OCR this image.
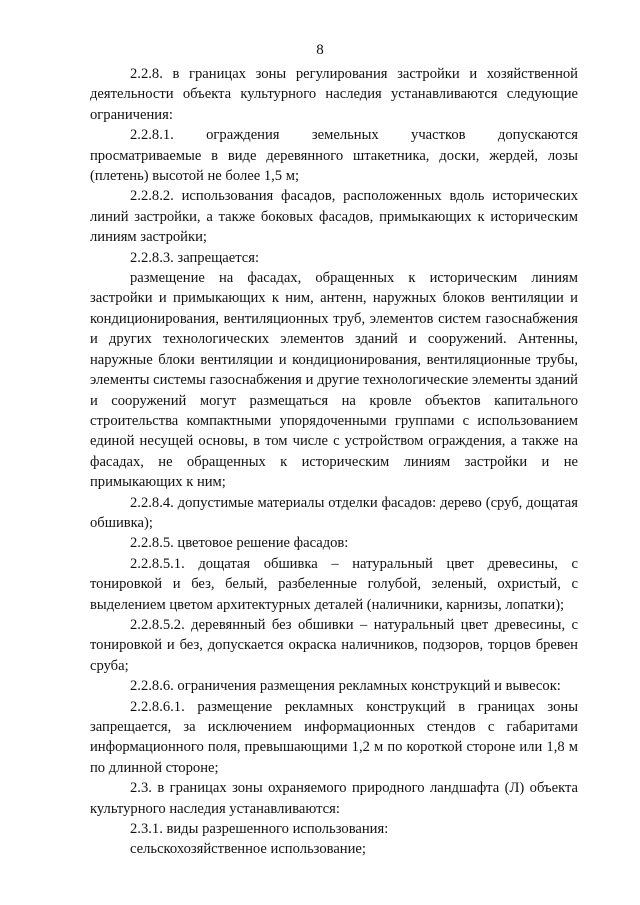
8

2.2.8. в границах зоны регулирования застройки и хозяйственной деятельности объекта культурного наследия устанавливаются следующие ограничения:

2.2.8.1. ограждения земельных участков допускаются просматриваемые в виде деревянного штакетника, доски, жердей, лозы (плетень) высотой не более 1,5 м;

2.2.8.2. использования фасадов, расположенных вдоль исторических линий застройки, а также боковых фасадов, примыкающих к историческим линиям застройки;

2.2.8.3. запрещается:

размещение на фасадах, обращенных к историческим линиям застройки и примыкающих к ним, антенн, наружных блоков вентиляции и кондиционирования, вентиляционных труб, элементов систем газоснабжения и других технологических элементов зданий и сооружений. Антенны, наружные блоки вентиляции и кондиционирования, вентиляционные трубы, элементы системы газоснабжения и другие технологические элементы зданий и сооружений могут размещаться на кровле объектов капитального строительства компактными упорядоченными группами с использованием единой несущей основы, в том числе с устройством ограждения, а также на фасадах, не обращенных к историческим линиям застройки и не примыкающих к ним;

2.2.8.4. допустимые материалы отделки фасадов: дерево (сруб, дощатая обшивка);

2.2.8.5. цветовое решение фасадов:

2.2.8.5.1. дощатая обшивка – натуральный цвет древесины, с тонировкой и без, белый, разбеленные голубой, зеленый, охристый, с выделением цветом архитектурных деталей (наличники, карнизы, лопатки);

2.2.8.5.2. деревянный без обшивки – натуральный цвет древесины, с тонировкой и без, допускается окраска наличников, подзоров, торцов бревен сруба;

2.2.8.6. ограничения размещения рекламных конструкций и вывесок:

2.2.8.6.1. размещение рекламных конструкций в границах зоны запрещается, за исключением информационных стендов с габаритами информационного поля, превышающими 1,2 м по короткой стороне или 1,8 м по длинной стороне;

2.3. в границах зоны охраняемого природного ландшафта (Л) объекта культурного наследия устанавливаются:

2.3.1. виды разрешенного использования:

сельскохозяйственное использование;
